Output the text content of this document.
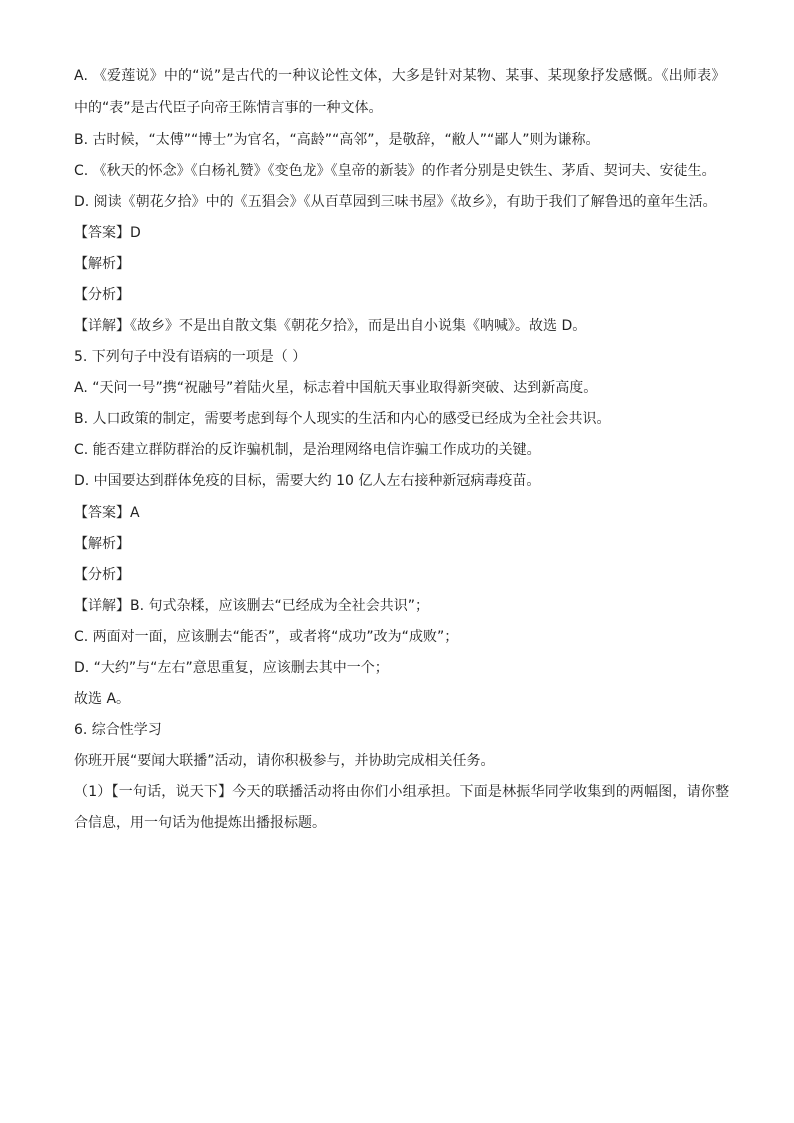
A. 《爱莲说》中的“说”是古代的一种议论性文体，大多是针对某物、某事、某现象抒发感慨。《出师表》
中的“表”是古代臣子向帝王陈情言事的一种文体。
B. 古时候，“太傅”“博士”为官名，“高龄”“高邻”，是敬辞，“敝人”“鄙人”则为谦称。
C. 《秋天的怀念》《白杨礼赞》《变色龙》《皇帝的新装》的作者分别是史铁生、茅盾、契诃夫、安徒生。
D. 阅读《朝花夕拾》中的《五猖会》《从百草园到三味书屋》《故乡》，有助于我们了解鲁迅的童年生活。
【答案】D
【解析】
【分析】
【详解】《故乡》不是出自散文集《朝花夕拾》，而是出自小说集《呐喊》。故选 D。
5. 下列句子中没有语病的一项是（ ）
A. “天问一号”携“祝融号”着陆火星，标志着中国航天事业取得新突破、达到新高度。
B. 人口政策的制定，需要考虑到每个人现实的生活和内心的感受已经成为全社会共识。
C. 能否建立群防群治的反诈骗机制，是治理网络电信诈骗工作成功的关键。
D. 中国要达到群体免疫的目标，需要大约 10 亿人左右接种新冠病毒疫苗。
【答案】A
【解析】
【分析】
【详解】B. 句式杂糅，应该删去“已经成为全社会共识”；
C. 两面对一面，应该删去“能否”，或者将“成功”改为“成败”；
D. “大约”与“左右”意思重复，应该删去其中一个；
故选 A。
6. 综合性学习
你班开展“要闻大联播”活动，请你积极参与，并协助完成相关任务。
（1）【一句话，说天下】今天的联播活动将由你们小组承担。下面是林振华同学收集到的两幅图，请你整
合信息，用一句话为他提炼出播报标题。
